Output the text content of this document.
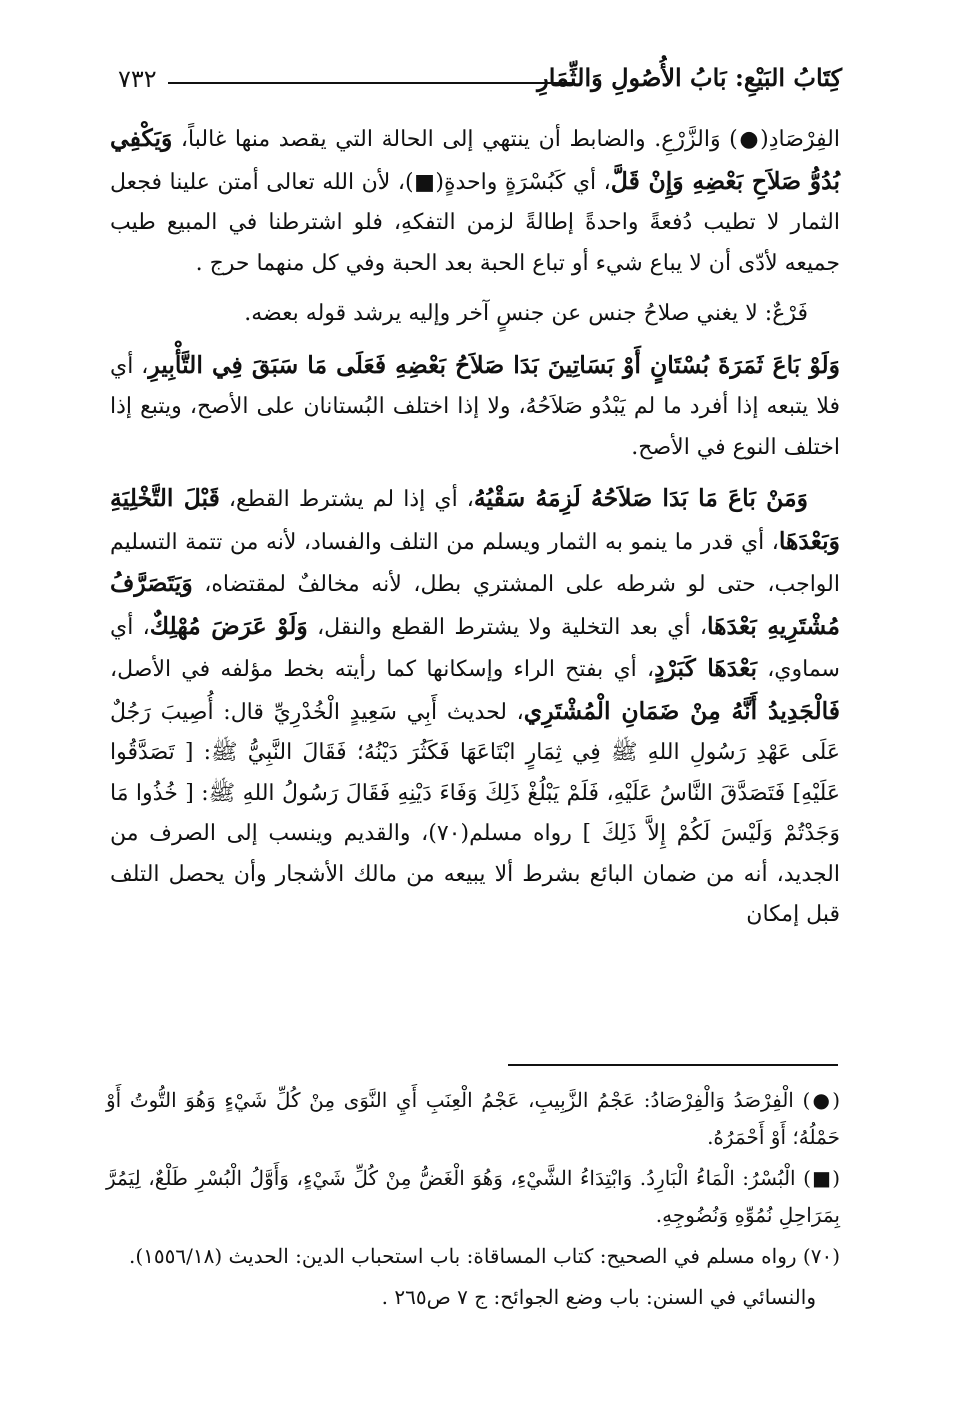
٧٣٢	كِتَابُ البَيْعِ: بَابُ الأُصُولِ وَالثِّمَارِ

الفِرْصَادِ(●) وَالزَّرْعِ. والضابط أن ينتهي إلى الحالة التي يقصد منها غالباً، وَيَكْفِي بُدُوُّ صَلاَحِ بَعْضِهِ وَإِنْ قَلَّ، أي كَبُسْرَةٍ واحدةٍ(■)، لأن الله تعالى أمتن علينا فجعل الثمار لا تطيب دُفعةً واحدةً إطالةً لزمن التفكهِ، فلو اشترطنا في المبيع طيب جميعه لأدّى أن لا يباع شيء أو تباع الحبة بعد الحبة وفي كل منهما حرج .

فَرْعٌ: لا يغني صلاحُ جنس عن جنسٍ آخر وإليه يرشد قوله بعضه.

وَلَوْ بَاعَ ثَمَرَةَ بُسْتَانٍ أَوْ بَسَاتِينَ بَدَا صَلاَحُ بَعْضِهِ فَعَلَى مَا سَبَقَ فِي التَّأْبِيرِ، أي فلا يتبعه إذا أفرد ما لم يَبْدُو صَلاَحُهُ، ولا إذا اختلف البُستانان على الأصح، ويتبع إذا اختلف النوع في الأصح.

وَمَنْ بَاعَ مَا بَدَا صَلاَحُهُ لَزِمَهُ سَقْيُهُ، أي إذا لم يشترط القطع، قَبْلَ التَّخْلِيَةِ وَبَعْدَهَا، أي قدر ما ينمو به الثمار ويسلم من التلف والفساد، لأنه من تتمة التسليم الواجب، حتى لو شرطه على المشتري بطل، لأنه مخالفٌ لمقتضاه، وَيَتَصَرَّفُ مُشْتَرِيهِ بَعْدَهَا، أي بعد التخلية ولا يشترط القطع والنقل، وَلَوْ عَرَضَ مُهْلِكٌ، أي سماوي، بَعْدَهَا كَبَرْدٍ، أي بفتح الراء وإسكانها كما رأيته بخط مؤلفه في الأصل، فَالْجَدِيدُ أَنَّهُ مِنْ ضَمَانِ الْمُشْتَرِي، لحديث أَبِي سَعِيدٍ الْخُدْرِيِّ قال: أُصِيبَ رَجُلٌ عَلَى عَهْدِ رَسُولِ اللهِ ﷺ فِي ثِمَارٍ ابْتَاعَهَا فَكَثُرَ دَيْنُهُ؛ فَقَالَ النَّبِيُّ ﷺ: [ تَصَدَّقُوا عَلَيْهِ] فَتَصَدَّقَ النَّاسُ عَلَيْهِ، فَلَمْ يَبْلُغْ ذَلِكَ وَفَاءَ دَيْنِهِ فَقَالَ رَسُولُ اللهِ ﷺ: [ خُذُوا مَا وَجَدْتُمْ وَلَيْسَ لَكُمْ إِلاَّ ذَلِكَ ] رواه مسلم(٧٠)، والقديم وينسب إلى الصرف من الجديد، أنه من ضمان البائع بشرط ألا يبيعه من مالك الأشجار وأن يحصل التلف قبل إمكان

(●) الْفِرْصَدُ وَالْفِرْصَادُ: عَجْمُ الزَّبِيبِ، عَجْمُ الْعِنَبِ أَيِ النَّوَى مِنْ كُلِّ شَيْءٍ وَهُوَ التُّوتُ أَوْ حَمْلُهُ؛ أَوْ أَحْمَرُهُ.

(■) الْبُسْرُ: الْمَاءُ الْبَارِدُ. وَابْتِدَاءُ الشَّيْءِ، وَهُوَ الْغَضُّ مِنْ كُلِّ شَيْءٍ، وَأَوَّلُ الْبُسْرِ طَلْعٌ، لِيَمُرَّ بِمَرَاحِلِ نُمُوِّهِ وَنُضُوجِهِ.

(٧٠) رواه مسلم في الصحيح: كتاب المساقاة: باب استحباب الدين: الحديث (١٥٥٦/١٨).

والنسائي في السنن: باب وضع الجوائح: ج ٧ ص٢٦٥ .
